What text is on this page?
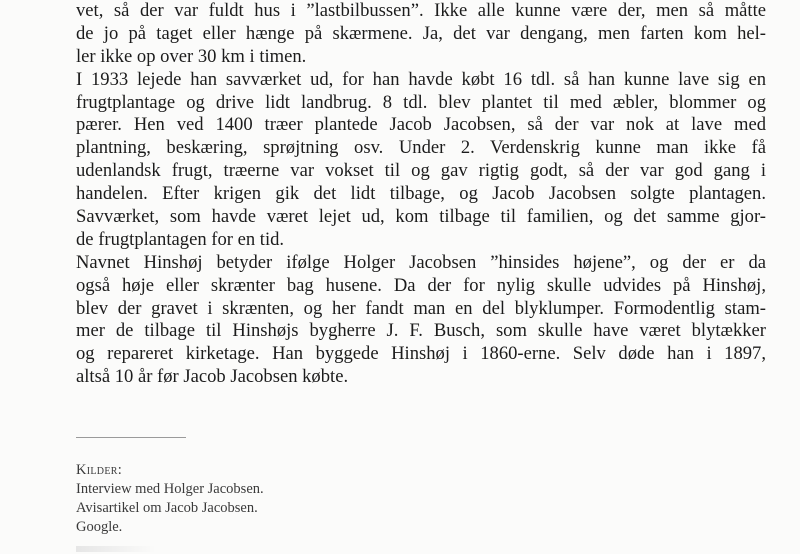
vet, så der var fuldt hus i ”lastbilbussen”. Ikke alle kunne være der, men så måtte
de jo på taget eller hænge på skærmene. Ja, det var dengang, men farten kom hel-
ler ikke op over 30 km i timen.
I 1933 lejede han savværket ud, for han havde købt 16 tdl. så han kunne lave sig en
frugtplantage og drive lidt landbrug. 8 tdl. blev plantet til med æbler, blommer og
pærer. Hen ved 1400 træer plantede Jacob Jacobsen, så der var nok at lave med
plantning, beskæring, sprøjtning osv. Under 2. Verdenskrig kunne man ikke få
udenlandsk frugt, træerne var vokset til og gav rigtig godt, så der var god gang i
handelen. Efter krigen gik det lidt tilbage, og Jacob Jacobsen solgte plantagen.
Savværket, som havde været lejet ud, kom tilbage til familien, og det samme gjor-
de frugtplantagen for en tid.
Navnet Hinshøj betyder ifølge Holger Jacobsen ”hinsides højene”, og der er da
også høje eller skrænter bag husene. Da der for nylig skulle udvides på Hinshøj,
blev der gravet i skrænten, og her fandt man en del blyklumper. Formodentlig stam-
mer de tilbage til Hinshøjs bygherre J. F. Busch, som skulle have været blytækker
og repareret kirketage. Han byggede Hinshøj i 1860-erne. Selv døde han i 1897,
altså 10 år før Jacob Jacobsen købte.
Kilder:
Interview med Holger Jacobsen.
Avisartikel om Jacob Jacobsen.
Google.
